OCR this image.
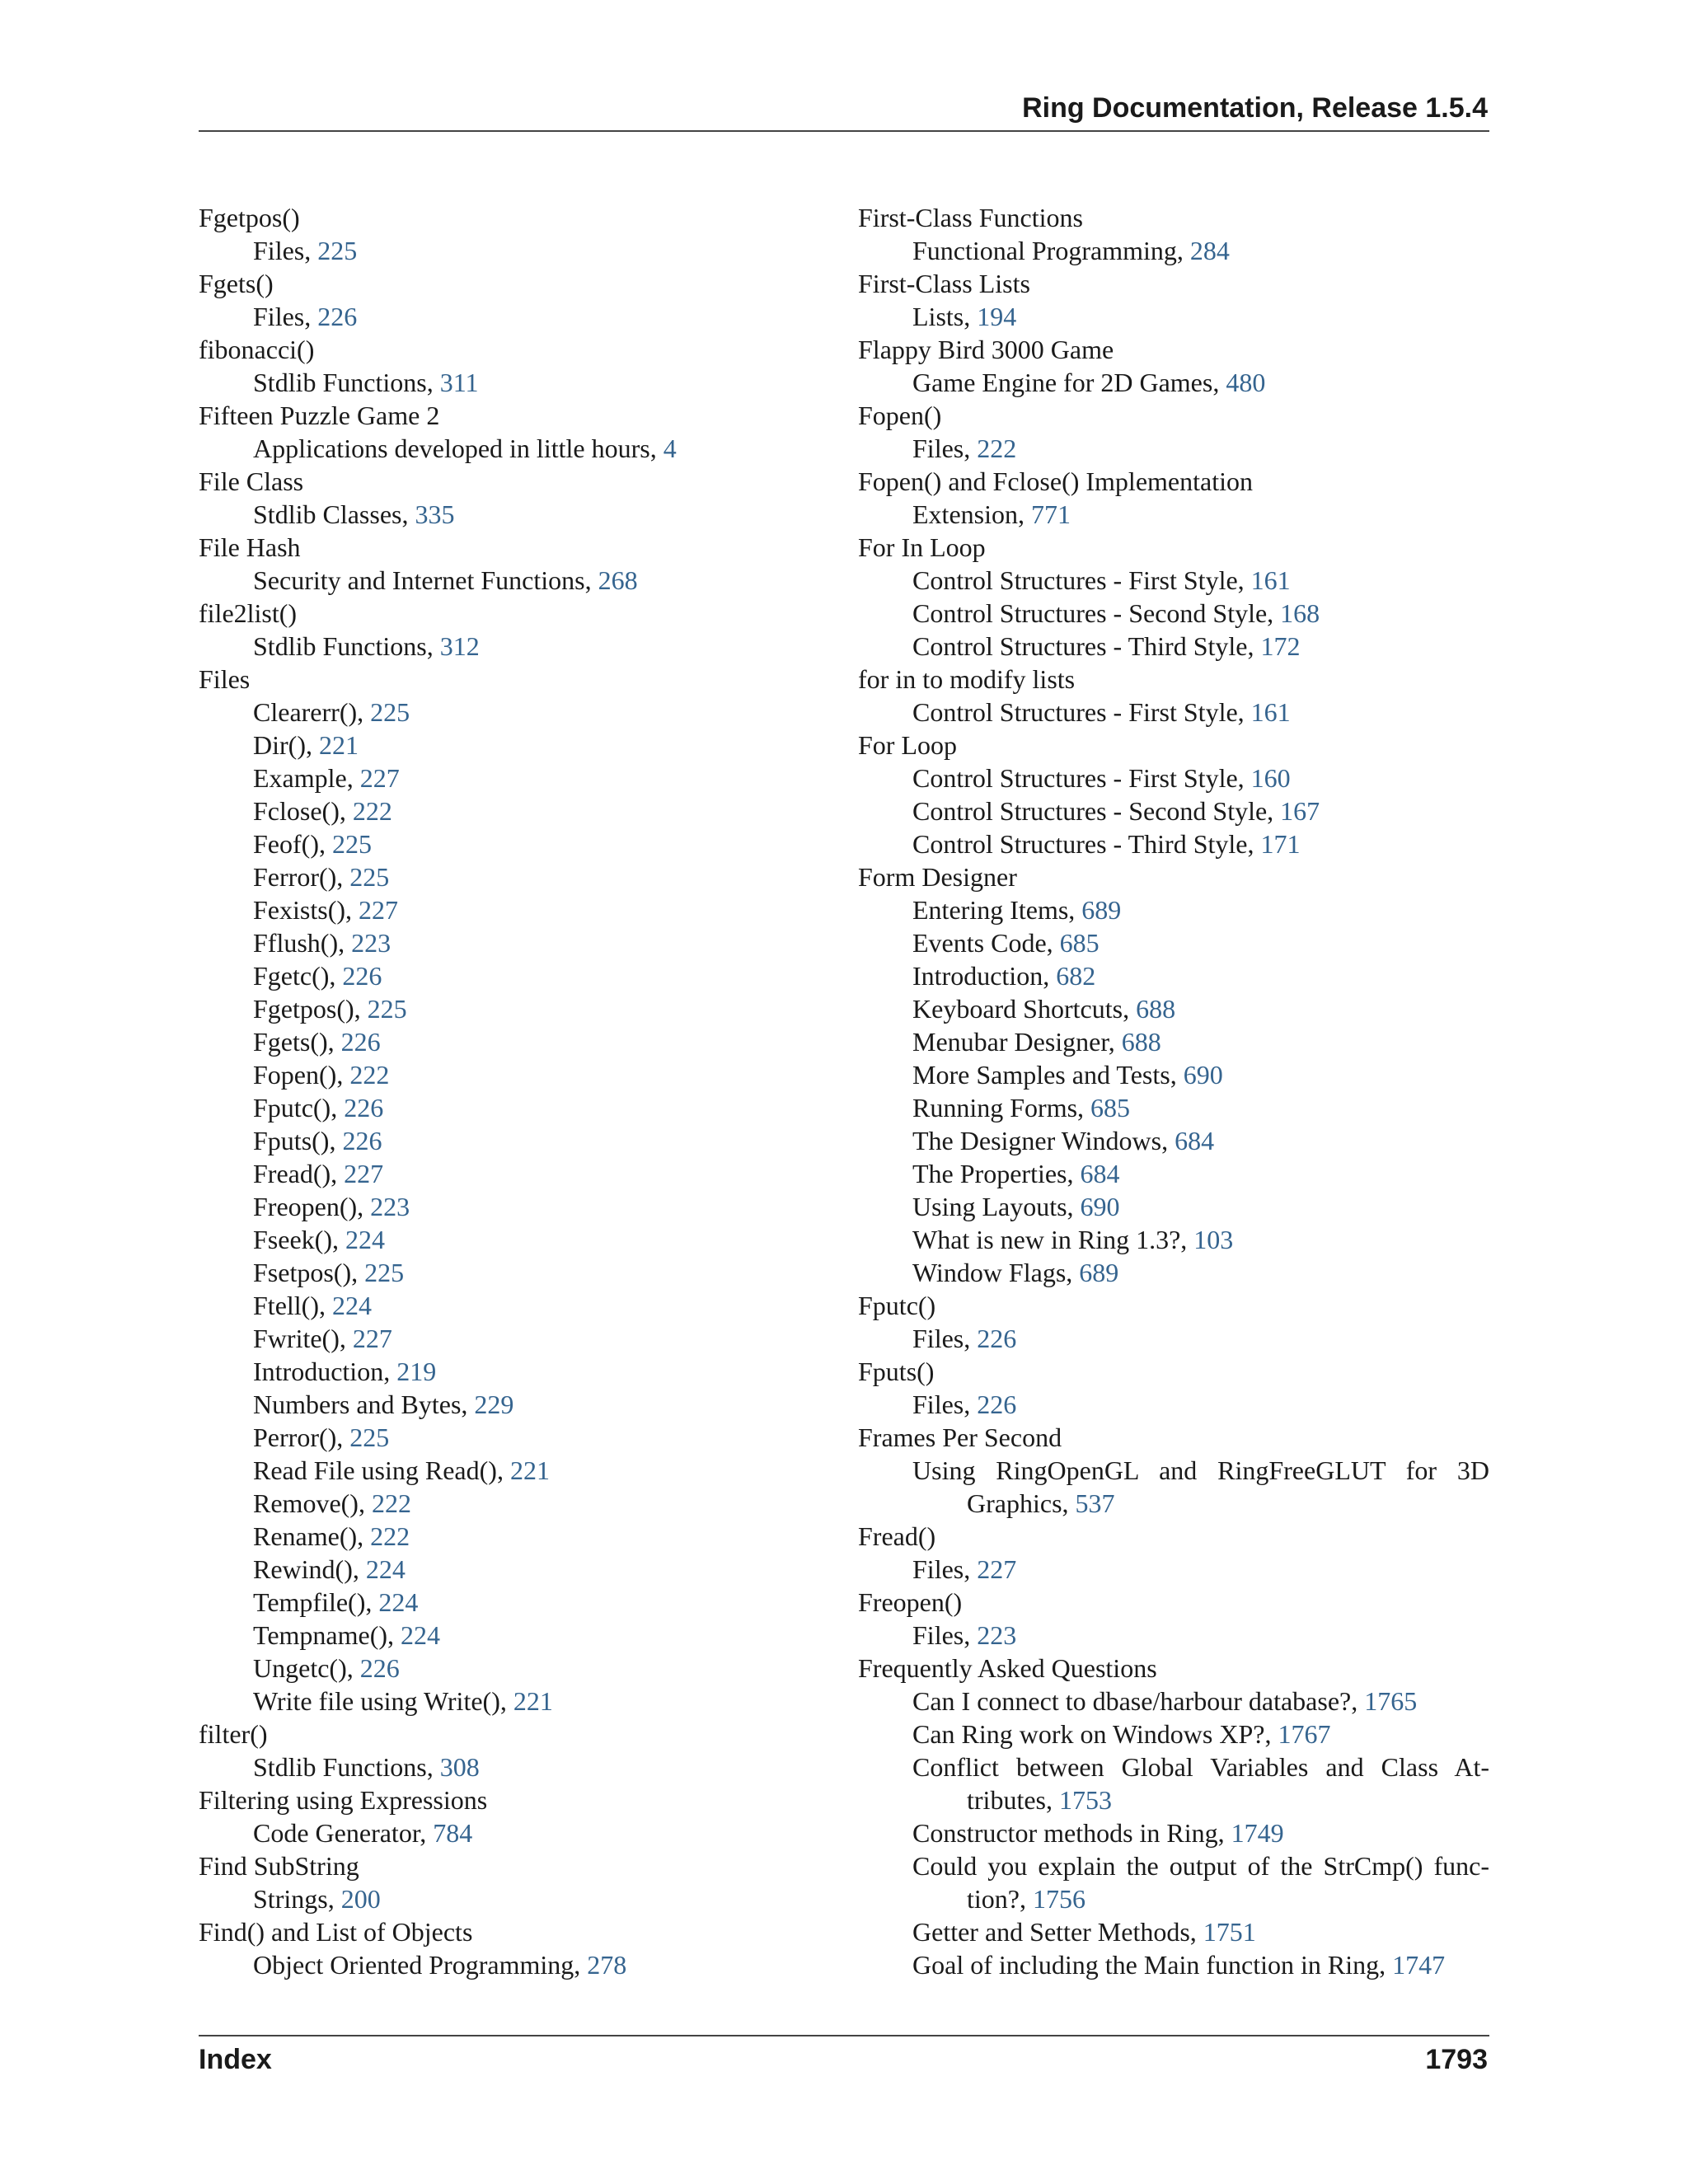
Ring Documentation, Release 1.5.4
Fgetpos()
Files, 225
Fgets()
Files, 226
fibonacci()
Stdlib Functions, 311
Fifteen Puzzle Game 2
Applications developed in little hours, 4
File Class
Stdlib Classes, 335
File Hash
Security and Internet Functions, 268
file2list()
Stdlib Functions, 312
Files
Clearerr(), 225
Dir(), 221
Example, 227
Fclose(), 222
Feof(), 225
Ferror(), 225
Fexists(), 227
Fflush(), 223
Fgetc(), 226
Fgetpos(), 225
Fgets(), 226
Fopen(), 222
Fputc(), 226
Fputs(), 226
Fread(), 227
Freopen(), 223
Fseek(), 224
Fsetpos(), 225
Ftell(), 224
Fwrite(), 227
Introduction, 219
Numbers and Bytes, 229
Perror(), 225
Read File using Read(), 221
Remove(), 222
Rename(), 222
Rewind(), 224
Tempfile(), 224
Tempname(), 224
Ungetc(), 226
Write file using Write(), 221
filter()
Stdlib Functions, 308
Filtering using Expressions
Code Generator, 784
Find SubString
Strings, 200
Find() and List of Objects
Object Oriented Programming, 278
First-Class Functions
Functional Programming, 284
First-Class Lists
Lists, 194
Flappy Bird 3000 Game
Game Engine for 2D Games, 480
Fopen()
Files, 222
Fopen() and Fclose() Implementation
Extension, 771
For In Loop
Control Structures - First Style, 161
Control Structures - Second Style, 168
Control Structures - Third Style, 172
for in to modify lists
Control Structures - First Style, 161
For Loop
Control Structures - First Style, 160
Control Structures - Second Style, 167
Control Structures - Third Style, 171
Form Designer
Entering Items, 689
Events Code, 685
Introduction, 682
Keyboard Shortcuts, 688
Menubar Designer, 688
More Samples and Tests, 690
Running Forms, 685
The Designer Windows, 684
The Properties, 684
Using Layouts, 690
What is new in Ring 1.3?, 103
Window Flags, 689
Fputc()
Files, 226
Fputs()
Files, 226
Frames Per Second
Using RingOpenGL and RingFreeGLUT for 3D Graphics, 537
Fread()
Files, 227
Freopen()
Files, 223
Frequently Asked Questions
Can I connect to dbase/harbour database?, 1765
Can Ring work on Windows XP?, 1767
Conflict between Global Variables and Class Attributes, 1753
Constructor methods in Ring, 1749
Could you explain the output of the StrCmp() function?, 1756
Getter and Setter Methods, 1751
Goal of including the Main function in Ring, 1747
Index	1793
